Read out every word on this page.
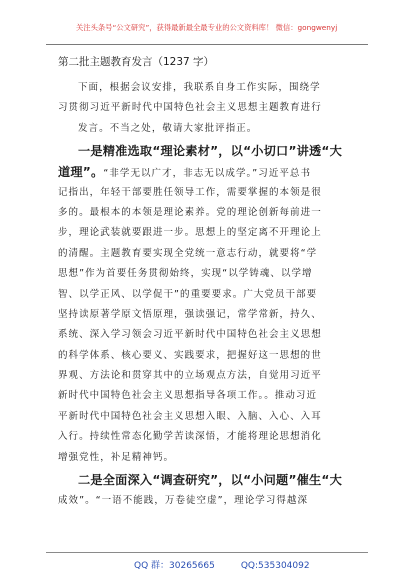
关注头条号“公文研究”，获得最新最全最专业的公文资料库！ 微信：gongwenyj
第二批主题教育发言（1237 字）
下面，根据会议安排，我联系自身工作实际，围绕学
习贯彻习近平新时代中国特色社会主义思想主题教育进行
发言。不当之处，敬请大家批评指正。
一是精准选取“理论素材”，以“小切口”讲透“大
道理”。“非学无以广才，非志无以成学。”习近平总书
记指出，年轻干部要胜任领导工作，需要掌握的本领是很
多的。最根本的本领是理论素养。党的理论创新每前进一
步，理论武装就要跟进一步。思想上的坚定离不开理论上
的清醒。主题教育要实现全党统一意志行动，就要将“学
思想”作为首要任务贯彻始终，实现“以学铸魂、以学增
智、以学正风、以学促干”的重要要求。广大党员干部要
坚持读原著学原文悟原理，强读强记，常学常新，持久、
系统、深入学习领会习近平新时代中国特色社会主义思想
的科学体系、核心要义、实践要求，把握好这一思想的世
界观、方法论和贯穿其中的立场观点方法，自觉用习近平
新时代中国特色社会主义思想指导各项工作。。推动习近
平新时代中国特色社会主义思想入眼、入脑、入心、入耳
入行。持续性常态化勤学苦读深悟，才能将理论思想消化
增强党性，补足精神钙。
二是全面深入“调查研究”，以“小问题”催生“大
成效”。“一语不能践，万卷徒空虚”，理论学习得越深
QQ 群：30265665	QQ:535304092
